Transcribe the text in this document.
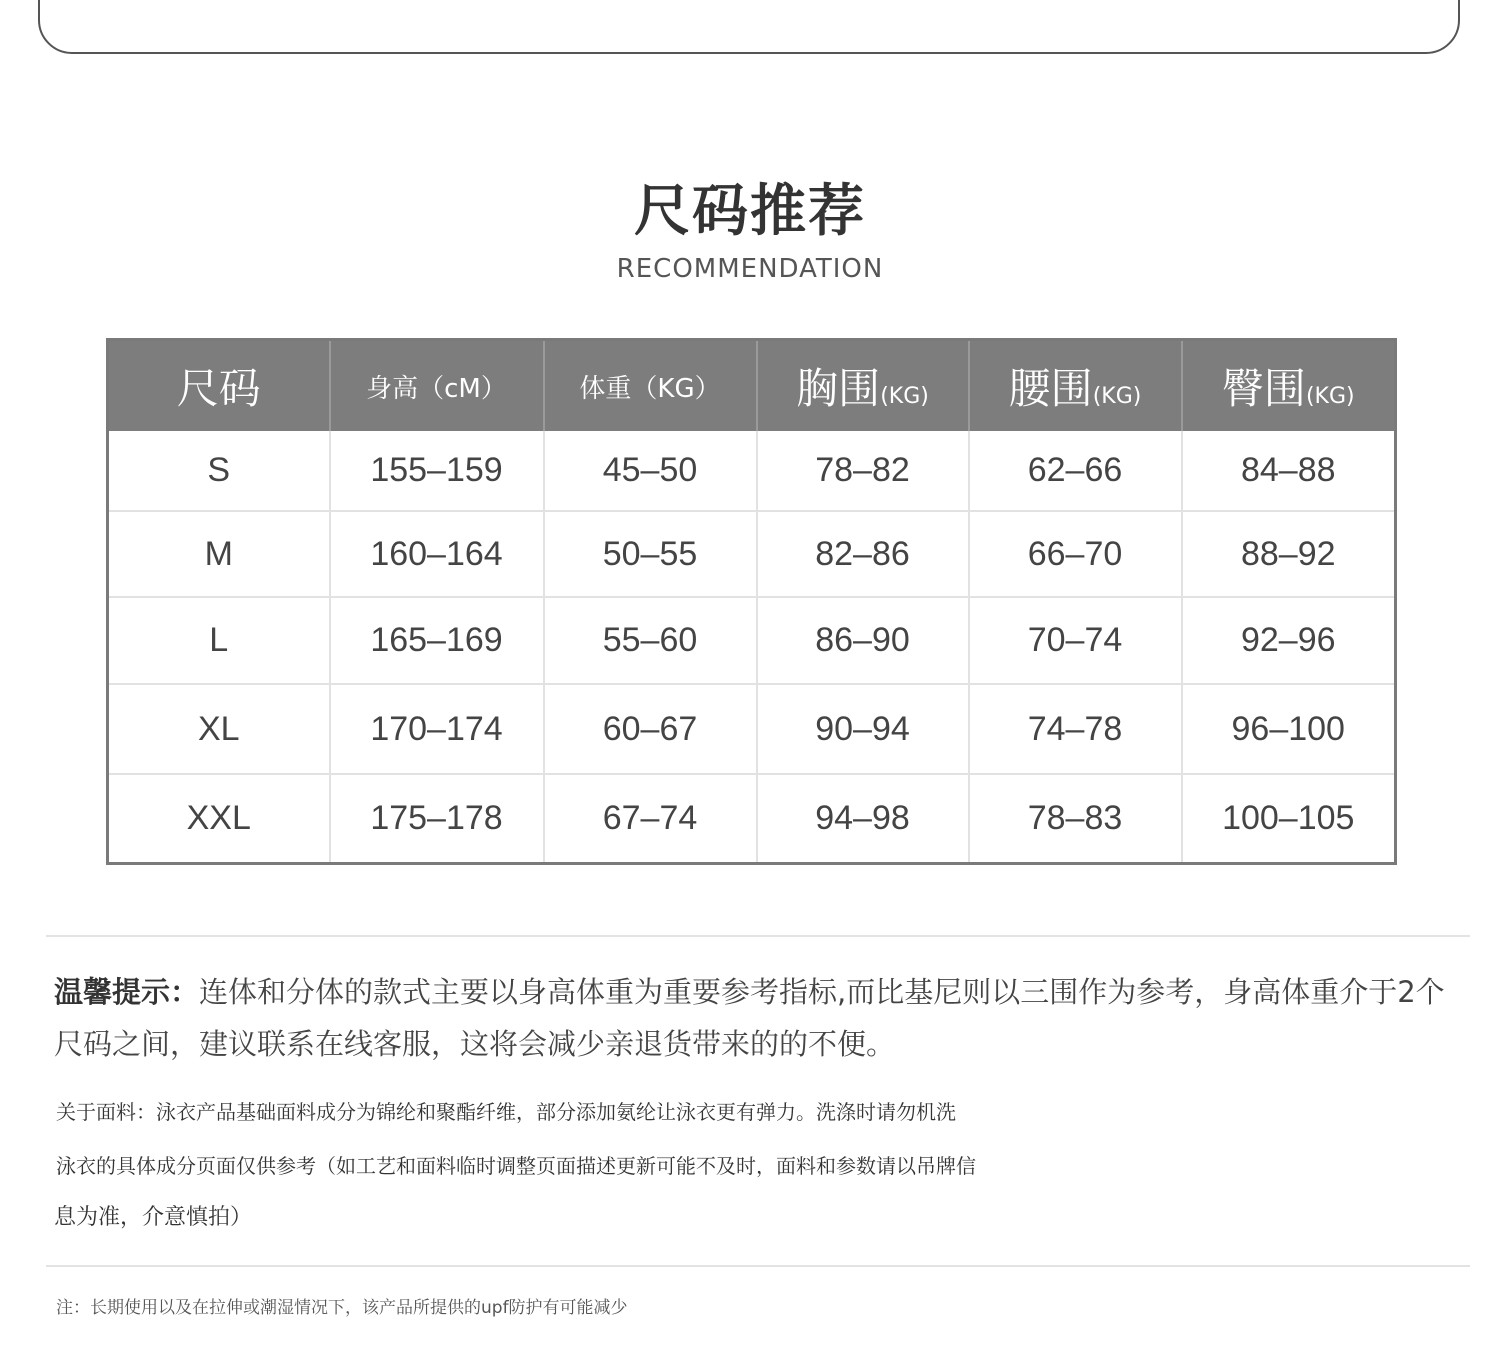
尺码推荐
RECOMMENDATION
尺码	身高（cM）	体重（KG）	胸围(KG)	腰围(KG)	臀围(KG)
S	155–159	45–50	78–82	62–66	84–88
M	160–164	50–55	82–86	66–70	88–92
L	165–169	55–60	86–90	70–74	92–96
XL	170–174	60–67	90–94	74–78	96–100
XXL	175–178	67–74	94–98	78–83	100–105
温馨提示：连体和分体的款式主要以身高体重为重要参考指标,而比基尼则以三围作为参考，身高体重介于2个尺码之间，建议联系在线客服，这将会减少亲退货带来的的不便。
关于面料：泳衣产品基础面料成分为锦纶和聚酯纤维，部分添加氨纶让泳衣更有弹力。洗涤时请勿机洗
泳衣的具体成分页面仅供参考（如工艺和面料临时调整页面描述更新可能不及时，面料和参数请以吊牌信
息为准，介意慎拍）
注：长期使用以及在拉伸或潮湿情况下，该产品所提供的upf防护有可能减少
